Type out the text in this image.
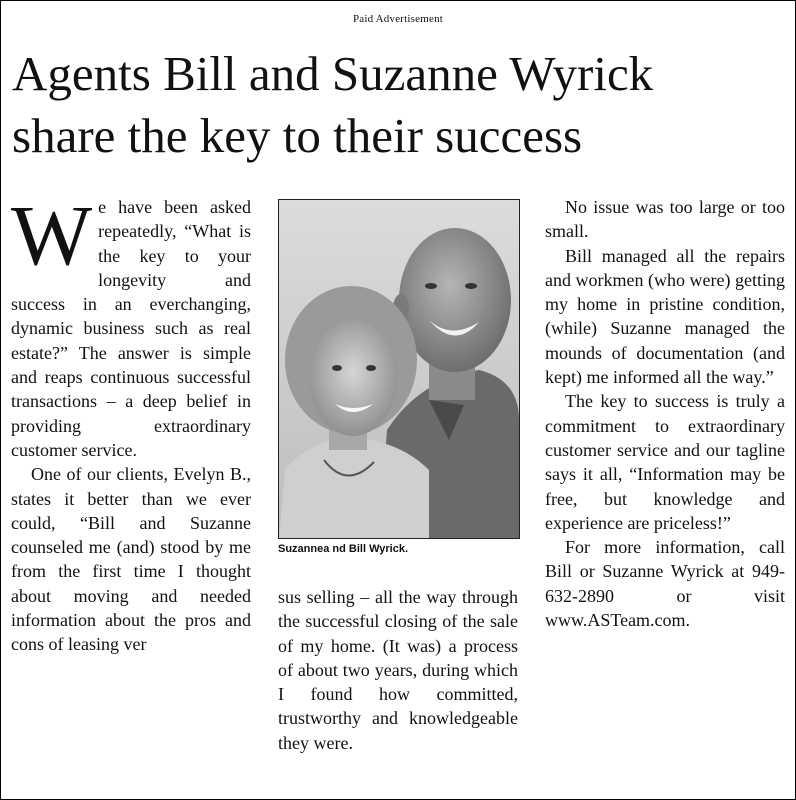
Paid Advertisement
Agents Bill and Suzanne Wyrick
share the key to their success

We have been asked repeatedly, “What is the key to your longevity and success in an everchanging, dynamic business such as real estate?” The answer is simple and reaps continuous successful transactions – a deep belief in providing extraordinary customer service.

One of our clients, Evelyn B., states it better than we ever could, “Bill and Suzanne counseled me (and) stood by me from the first time I thought about moving and needed information about the pros and cons of leasing ver

Suzannea nd Bill Wyrick.

sus selling – all the way through the successful closing of the sale of my home. (It was) a process of about two years, during which I found how committed, trustworthy and knowledgeable they were.

No issue was too large or too small.

Bill managed all the repairs and workmen (who were) getting my home in pristine condition, (while) Suzanne managed the mounds of documentation (and kept) me informed all the way.”

The key to success is truly a commitment to extraordinary customer service and our tagline says it all, “Information may be free, but knowledge and experience are priceless!”

For more information, call Bill or Suzanne Wyrick at 949-632-2890 or visit www.ASTeam.com.
